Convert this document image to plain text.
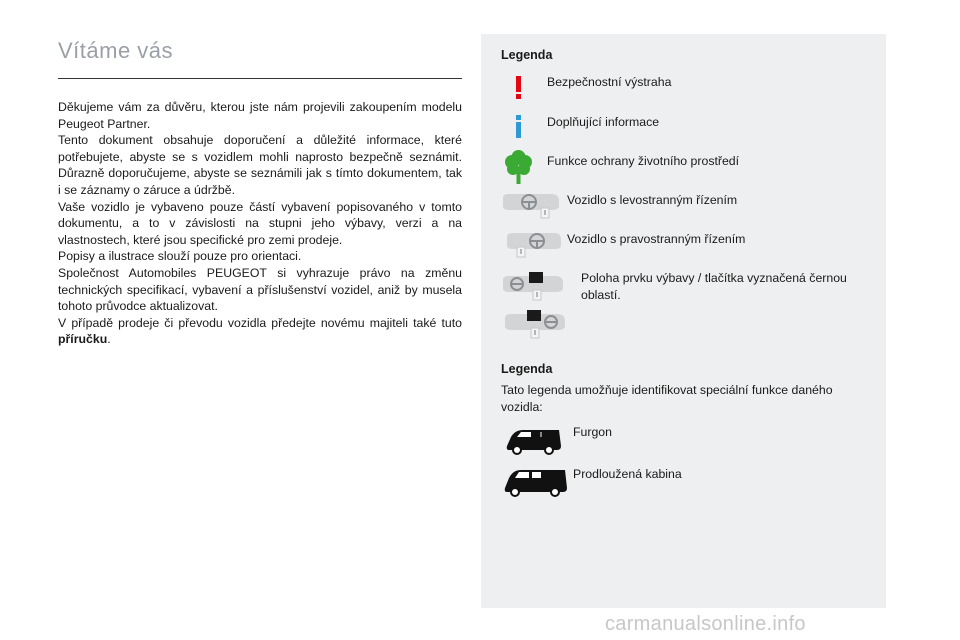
Vítáme vás

Děkujeme vám za důvěru, kterou jste nám projevili zakoupením modelu Peugeot Partner.

Tento dokument obsahuje doporučení a důležité informace, které potřebujete, abyste se s vozidlem mohli naprosto bezpečně seznámit. Důrazně doporučujeme, abyste se seznámili jak s tímto dokumentem, tak i se záznamy o záruce a údržbě.

Vaše vozidlo je vybaveno pouze částí vybavení popisovaného v tomto dokumentu, a to v závislosti na stupni jeho výbavy, verzi a na vlastnostech, které jsou specifické pro zemi prodeje.

Popisy a ilustrace slouží pouze pro orientaci.

Společnost Automobiles PEUGEOT si vyhrazuje právo na změnu technických specifikací, vybavení a příslušenství vozidel, aniž by musela tohoto průvodce aktualizovat.

V případě prodeje či převodu vozidla předejte novému majiteli také tuto příručku.

Legenda
Bezpečnostní výstraha
Doplňující informace
Funkce ochrany životního prostředí
Vozidlo s levostranným řízením
Vozidlo s pravostranným řízením
Poloha prvku výbavy / tlačítka vyznačená černou oblastí.
Legenda
Tato legenda umožňuje identifikovat speciální funkce daného vozidla:
Furgon
Prodloužená kabina
carmanualsonline.info
